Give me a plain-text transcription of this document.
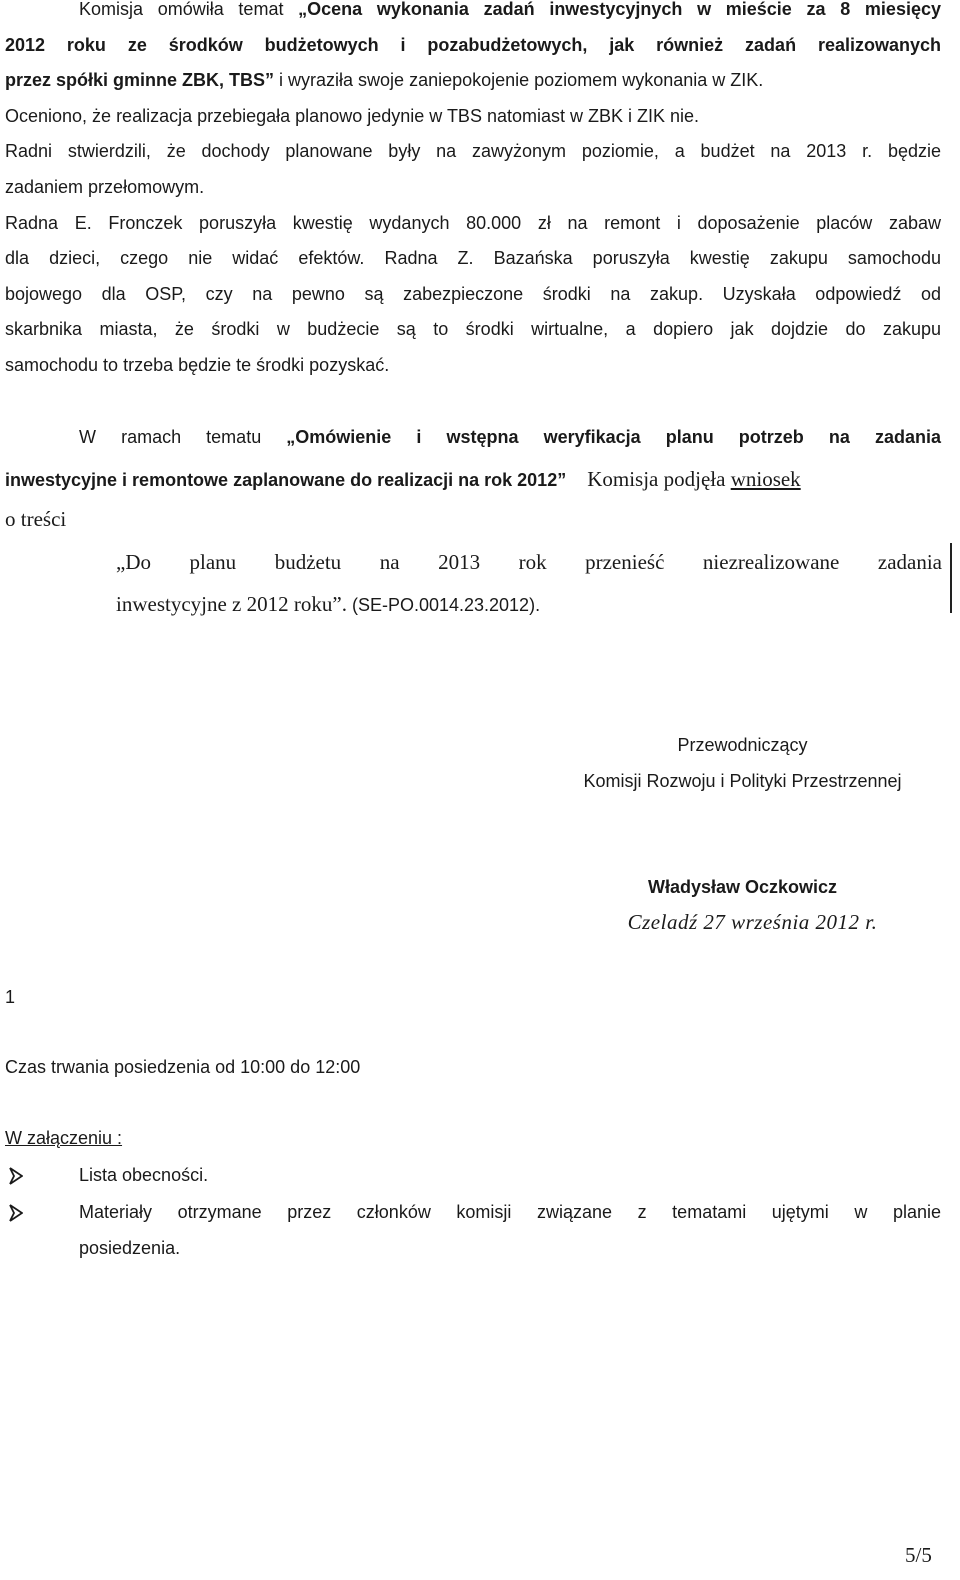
Komisja omówiła temat „Ocena wykonania zadań inwestycyjnych w mieście za 8 miesięcy
2012 roku ze środków budżetowych i pozabudżetowych, jak również zadań realizowanych
przez spółki gminne ZBK, TBS” i wyraziła swoje zaniepokojenie poziomem wykonania w ZIK.
Oceniono, że realizacja przebiegała planowo jedynie w TBS natomiast w ZBK i ZIK nie.
Radni stwierdzili, że dochody planowane były na zawyżonym poziomie, a budżet na 2013 r. będzie
zadaniem przełomowym.
Radna E. Fronczek poruszyła kwestię wydanych 80.000 zł na remont i doposażenie placów zabaw
dla dzieci, czego nie widać efektów. Radna Z. Bazańska poruszyła kwestię zakupu samochodu
bojowego dla OSP, czy na pewno są zabezpieczone środki na zakup. Uzyskała odpowiedź od
skarbnika miasta, że środki w budżecie są to środki wirtualne, a dopiero jak dojdzie do zakupu
samochodu to trzeba będzie te środki pozyskać.
W ramach tematu „Omówienie i wstępna weryfikacja planu potrzeb na zadania
inwestycyjne i remontowe zaplanowane do realizacji na rok 2012”    Komisja podjęła wniosek
o treści
„Do planu budżetu na 2013 rok przenieść niezrealizowane zadania
inwestycyjne z 2012 roku”. (SE-PO.0014.23.2012).
Przewodniczący
Komisji Rozwoju i Polityki Przestrzennej
Władysław Oczkowicz
Czeladź 27 września 2012 r.
1
Czas trwania posiedzenia od 10:00 do 12:00
W załączeniu :
Lista obecności.
Materiały otrzymane przez członków komisji związane z tematami ujętymi w planie
posiedzenia.
5/5
